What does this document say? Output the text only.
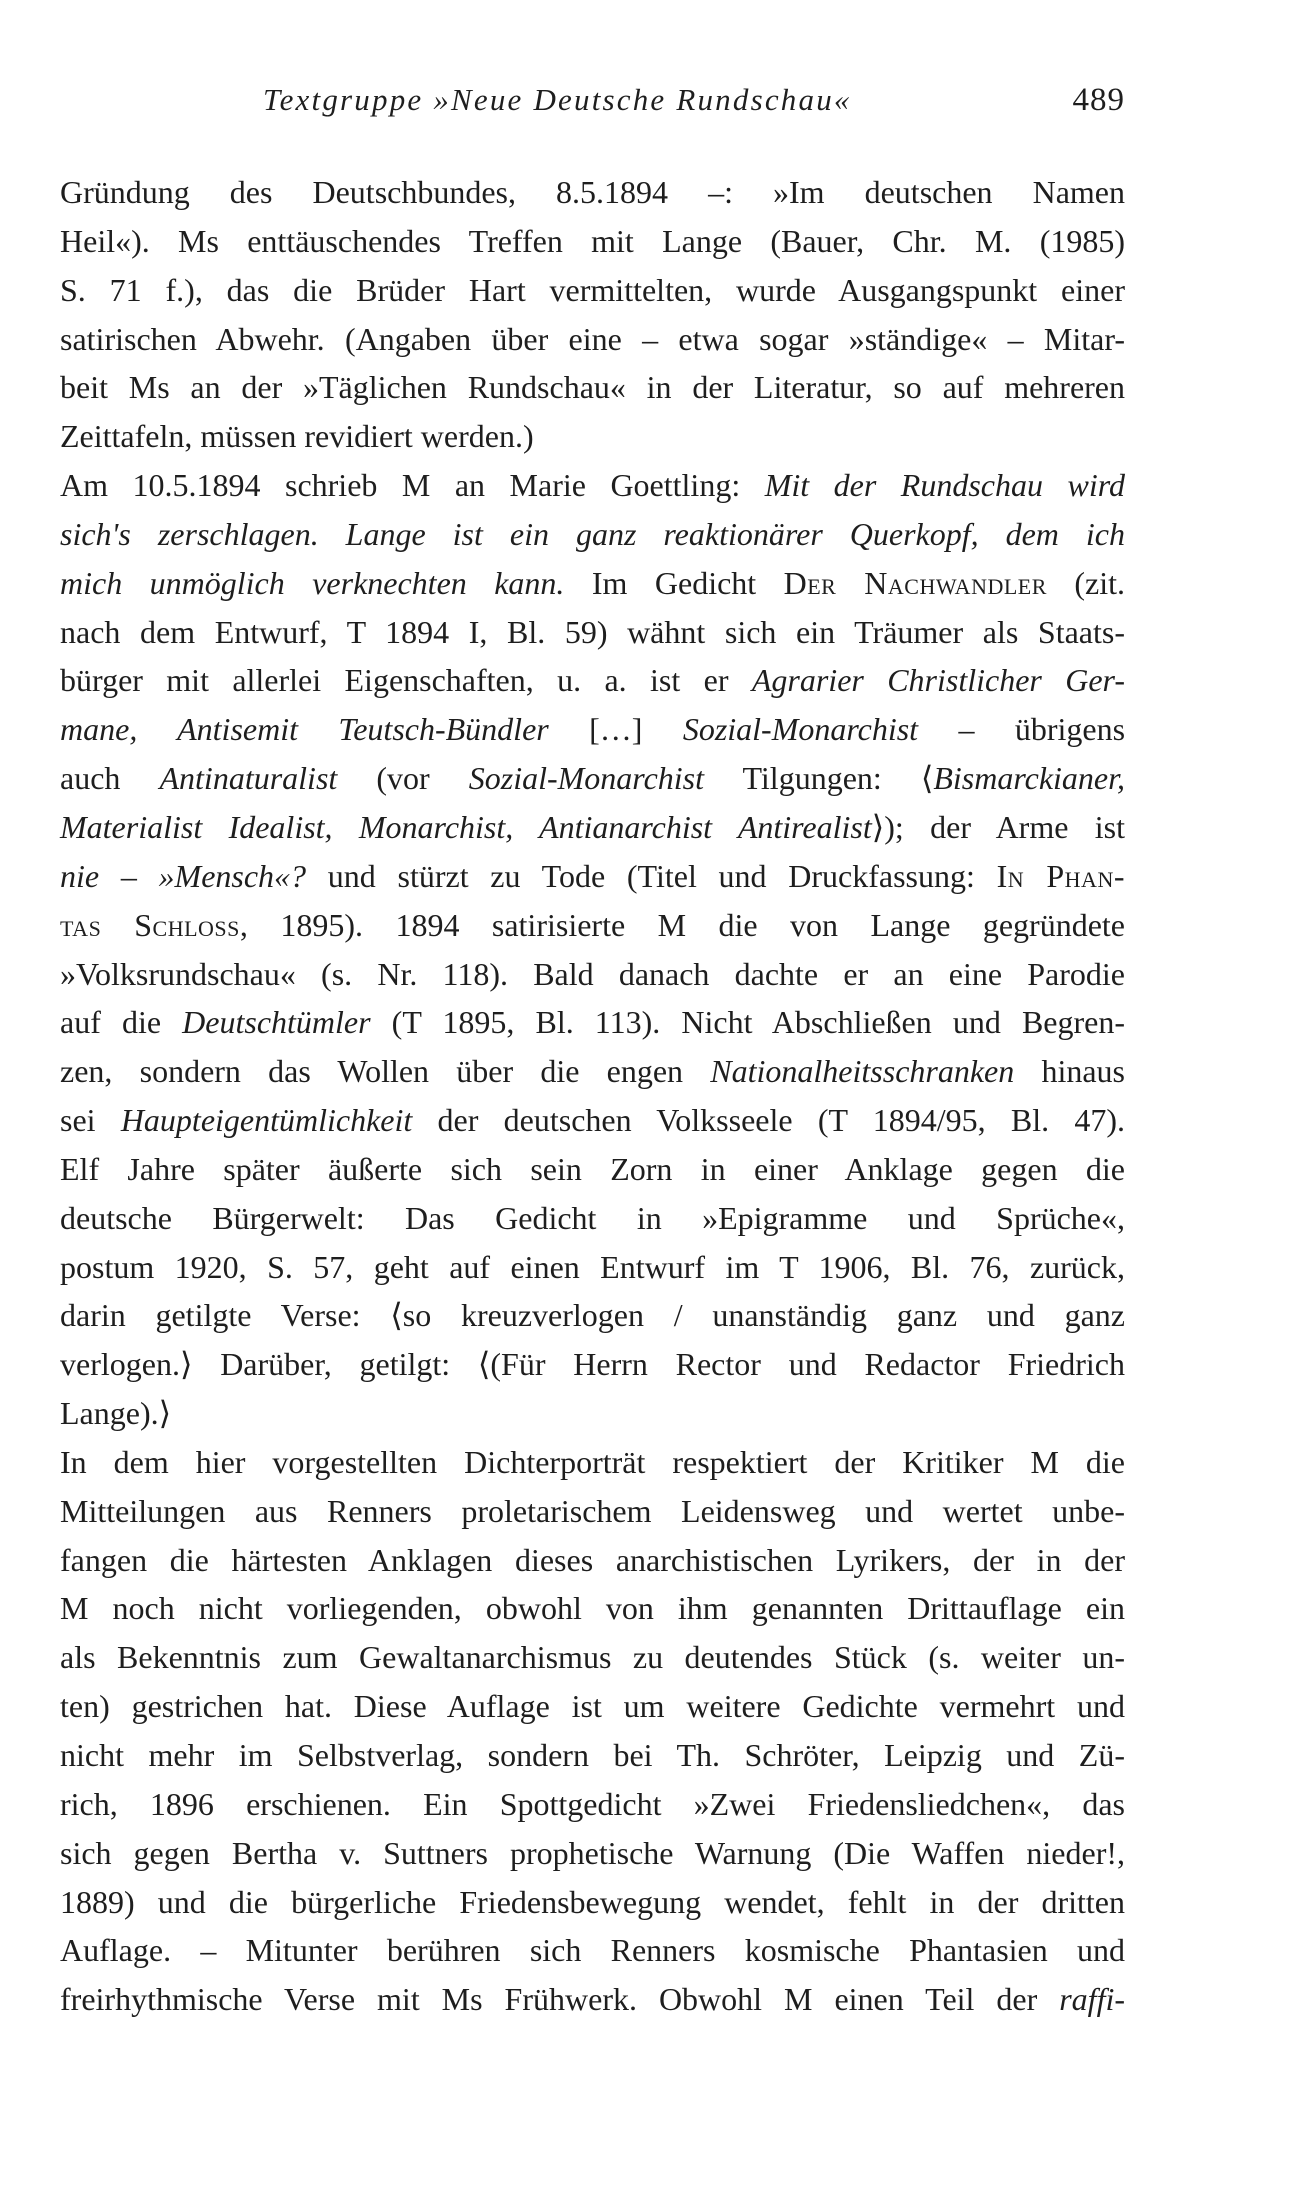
Textgruppe »Neue Deutsche Rundschau«	489
Gründung des Deutschbundes, 8.5.1894 –: »Im deutschen Namen
Heil«). Ms enttäuschendes Treffen mit Lange (Bauer, Chr. M. (1985)
S. 71 f.), das die Brüder Hart vermittelten, wurde Ausgangspunkt einer
satirischen Abwehr. (Angaben über eine – etwa sogar »ständige« – Mitar-
beit Ms an der »Täglichen Rundschau« in der Literatur, so auf mehreren
Zeittafeln, müssen revidiert werden.)
Am 10.5.1894 schrieb M an Marie Goettling: Mit der Rundschau wird
sich's zerschlagen. Lange ist ein ganz reaktionärer Querkopf, dem ich
mich unmöglich verknechten kann. Im Gedicht Der Nachwandler (zit.
nach dem Entwurf, T 1894 I, Bl. 59) wähnt sich ein Träumer als Staats-
bürger mit allerlei Eigenschaften, u. a. ist er Agrarier Christlicher Ger-
mane, Antisemit Teutsch-Bündler […] Sozial-Monarchist – übrigens
auch Antinaturalist (vor Sozial-Monarchist Tilgungen: ⟨Bismarckianer,
Materialist Idealist, Monarchist, Antianarchist Antirealist⟩); der Arme ist
nie – »Mensch«? und stürzt zu Tode (Titel und Druckfassung: In Phan-
tas Schloss, 1895). 1894 satirisierte M die von Lange gegründete
»Volksrundschau« (s. Nr. 118). Bald danach dachte er an eine Parodie
auf die Deutschtümler (T 1895, Bl. 113). Nicht Abschließen und Begren-
zen, sondern das Wollen über die engen Nationalheitsschranken hinaus
sei Haupteigentümlichkeit der deutschen Volksseele (T 1894/95, Bl. 47).
Elf Jahre später äußerte sich sein Zorn in einer Anklage gegen die
deutsche Bürgerwelt: Das Gedicht in »Epigramme und Sprüche«,
postum 1920, S. 57, geht auf einen Entwurf im T 1906, Bl. 76, zurück,
darin getilgte Verse: ⟨so kreuzverlogen / unanständig ganz und ganz
verlogen.⟩ Darüber, getilgt: ⟨(Für Herrn Rector und Redactor Friedrich
Lange).⟩
In dem hier vorgestellten Dichterporträt respektiert der Kritiker M die
Mitteilungen aus Renners proletarischem Leidensweg und wertet unbe-
fangen die härtesten Anklagen dieses anarchistischen Lyrikers, der in der
M noch nicht vorliegenden, obwohl von ihm genannten Drittauflage ein
als Bekenntnis zum Gewaltanarchismus zu deutendes Stück (s. weiter un-
ten) gestrichen hat. Diese Auflage ist um weitere Gedichte vermehrt und
nicht mehr im Selbstverlag, sondern bei Th. Schröter, Leipzig und Zü-
rich, 1896 erschienen. Ein Spottgedicht »Zwei Friedensliedchen«, das
sich gegen Bertha v. Suttners prophetische Warnung (Die Waffen nieder!,
1889) und die bürgerliche Friedensbewegung wendet, fehlt in der dritten
Auflage. – Mitunter berühren sich Renners kosmische Phantasien und
freirhythmische Verse mit Ms Frühwerk. Obwohl M einen Teil der raffi-
